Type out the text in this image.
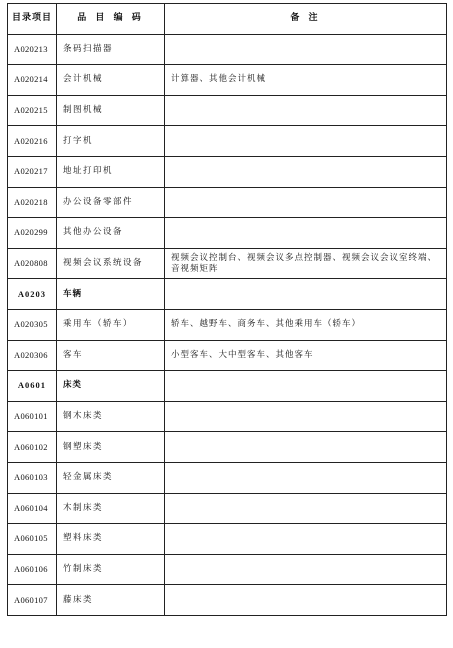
目录项目	品 目 编 码	备 注
A020213	条码扫描器	
A020214	会计机械	计算器、其他会计机械
A020215	制图机械	
A020216	打字机	
A020217	地址打印机	
A020218	办公设备零部件	
A020299	其他办公设备	
A020808	视频会议系统设备	视频会议控制台、视频会议多点控制器、视频会议会议室终端、音视频矩阵
A0203	车辆	
A020305	乘用车（轿车）	轿车、越野车、商务车、其他乘用车（轿车）
A020306	客车	小型客车、大中型客车、其他客车
A0601	床类	
A060101	钢木床类	
A060102	钢塑床类	
A060103	轻金属床类	
A060104	木制床类	
A060105	塑料床类	
A060106	竹制床类	
A060107	藤床类	
